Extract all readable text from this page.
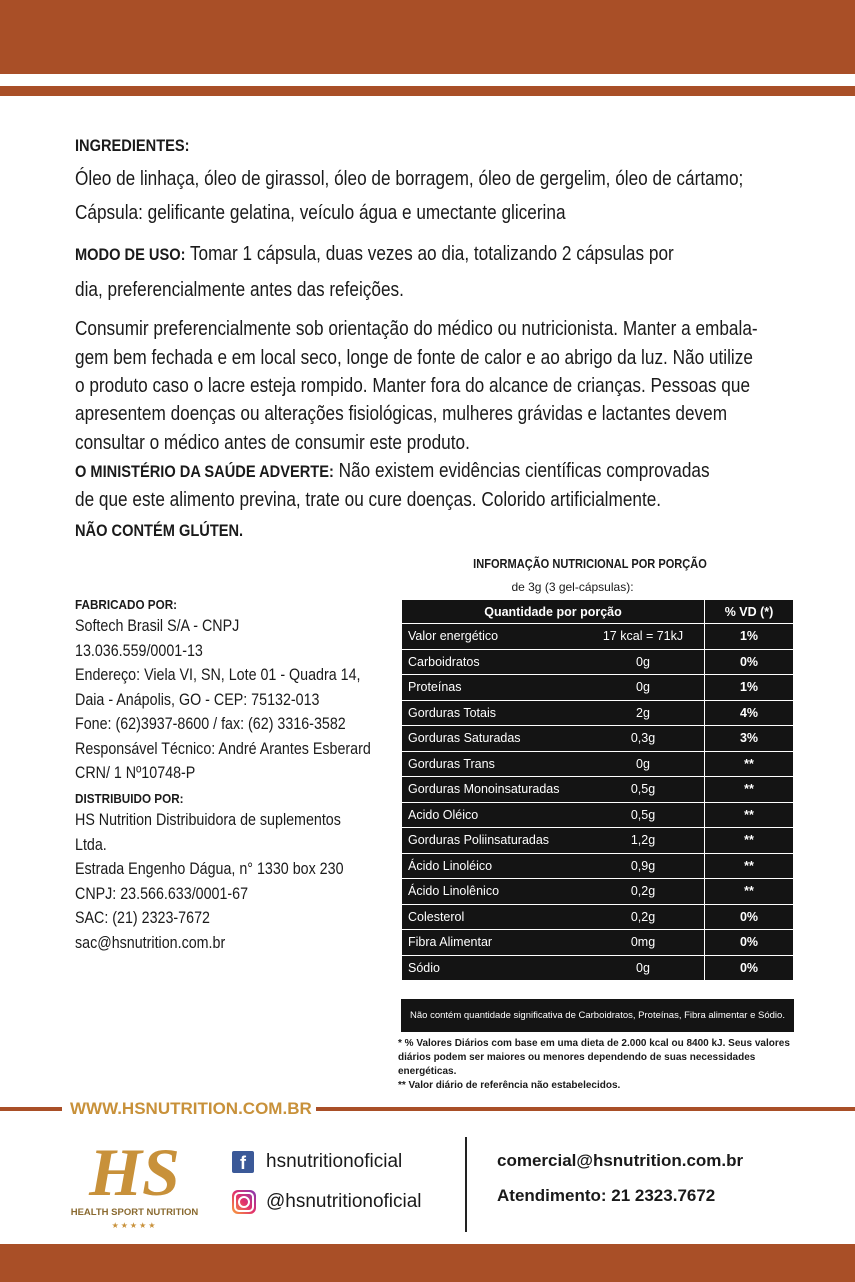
INGREDIENTES:
Óleo de linhaça, óleo de girassol, óleo de borragem, óleo de gergelim, óleo de cártamo;
Cápsula: gelificante gelatina, veículo água e umectante glicerina
MODO DE USO: Tomar 1 cápsula, duas vezes ao dia, totalizando 2 cápsulas por
dia, preferencialmente antes das refeições.
Consumir preferencialmente sob orientação do médico ou nutricionista. Manter a embala-
gem bem fechada e em local seco, longe de fonte de calor e ao abrigo da luz. Não utilize
o produto caso o lacre esteja rompido. Manter fora do alcance de crianças. Pessoas que
apresentem doenças ou alterações fisiológicas, mulheres grávidas e lactantes devem
consultar o médico antes de consumir este produto.
O MINISTÉRIO DA SAÚDE ADVERTE: Não existem evidências científicas comprovadas
de que este alimento previna, trate ou cure doenças. Colorido artificialmente.
NÃO CONTÉM GLÚTEN.
FABRICADO POR:
Softech Brasil S/A - CNPJ
13.036.559/0001-13
Endereço: Viela VI, SN, Lote 01 - Quadra 14,
Daia - Anápolis, GO - CEP: 75132-013
Fone: (62)3937-8600 / fax: (62) 3316-3582
Responsável Técnico: André Arantes Esberard
CRN/ 1 Nº10748-P
DISTRIBUIDO POR:
HS Nutrition Distribuidora de suplementos
Ltda.
Estrada Engenho Dágua, n° 1330 box 230
CNPJ: 23.566.633/0001-67
SAC: (21) 2323-7672
sac@hsnutrition.com.br
INFORMAÇÃO NUTRICIONAL POR PORÇÃO
de 3g (3 gel-cápsulas):
Quantidade por porção	% VD (*)

Valor energético 17 kcal = 71kJ	1%

Carboidratos 0g	0%

Proteínas 0g	1%

Gorduras Totais 2g	4%

Gorduras Saturadas 0,3g	3%

Gorduras Trans 0g	**

Gorduras Monoinsaturadas 0,5g	**

Acido Oléico 0,5g	**

Gorduras Poliinsaturadas 1,2g	**

Ácido Linoléico 0,9g	**

Ácido Linolênico 0,2g	**

Colesterol 0,2g	0%

Fibra Alimentar 0mg	0%

Sódio 0g	0%
Não contém quantidade significativa de Carboidratos, Proteínas, Fibra alimentar e Sódio.
* % Valores Diários com base em uma dieta de 2.000 kcal ou 8400 kJ. Seus valores
diários podem ser maiores ou menores dependendo de suas necessidades energéticas.
** Valor diário de referência não estabelecidos.
WWW.HSNUTRITION.COM.BR
HS
HEALTH SPORT NUTRITION
★★★★★
f	hsnutritionoficial
@hsnutritionoficial
comercial@hsnutrition.com.br
Atendimento: 21 2323.7672
